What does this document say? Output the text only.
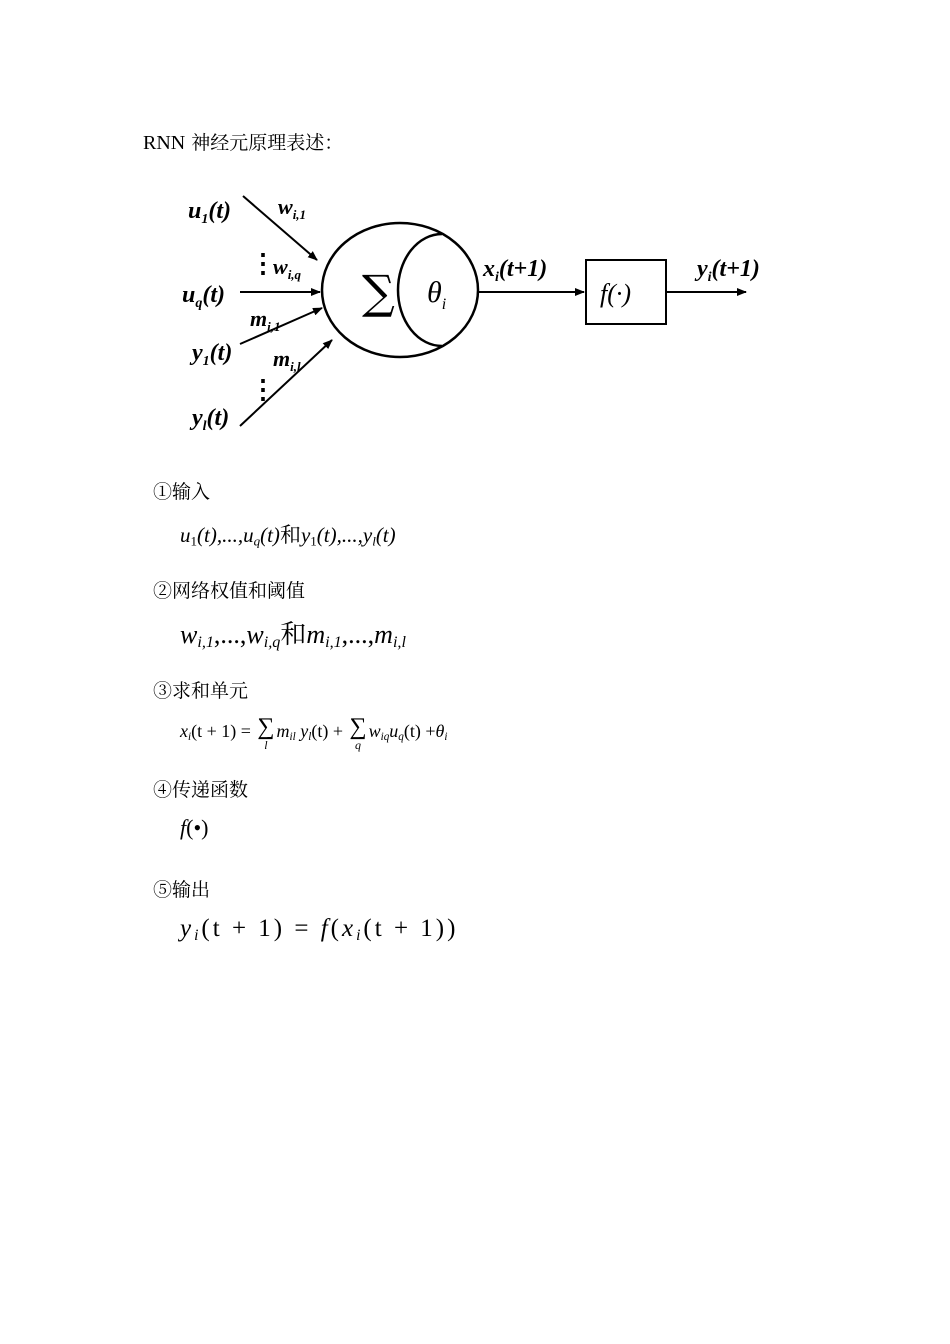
RNN 神经元原理表述：
$u_1(t)$
$u_q(t)$
$y_1(t)$
$y_l(t)$
⋮
⋮
$w_{i,1}$
$w_{i,q}$
$m_{i,1}$
$m_{i,l}$
∑ $\theta_i$
$x_i(t+1)$
f(·)
$y_i(t+1)$
①输入
$u_1(t),...,u_q(t)$和$y_1(t),...,y_l(t)$
②网络权值和阈值
$w_{i,1},...,w_{i,q}$和$m_{i,1},...,m_{i,l}$
③求和单元
$x_i(t + 1)$ = ∑
l
$m_{il}$ $y_l(t)$ + ∑
q
$w_{iq}u_q(t) +\theta_i$
④传递函数
f(•)
⑤输出
$y_i(t + 1) = f(x_i(t + 1))$
